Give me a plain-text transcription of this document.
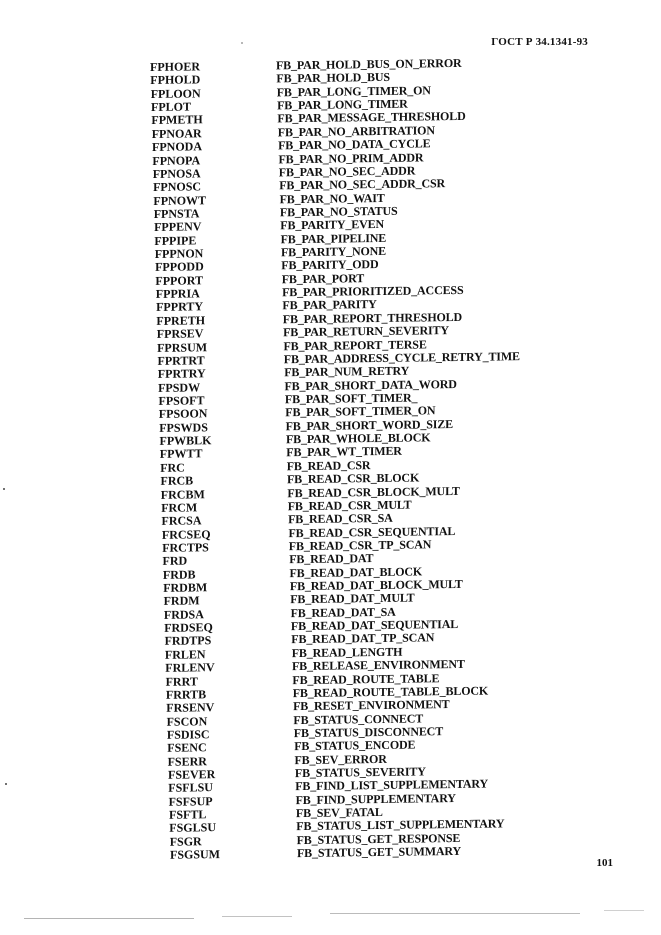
ГОСТ Р 34.1341-93
FPHOER	FB_PAR_HOLD_BUS_ON_ERROR
FPHOLD	FB_PAR_HOLD_BUS
FPLOON	FB_PAR_LONG_TIMER_ON
FPLOT	FB_PAR_LONG_TIMER
FPMETH	FB_PAR_MESSAGE_THRESHOLD
FPNOAR	FB_PAR_NO_ARBITRATION
FPNODA	FB_PAR_NO_DATA_CYCLE
FPNOPA	FB_PAR_NO_PRIM_ADDR
FPNOSA	FB_PAR_NO_SEC_ADDR
FPNOSC	FB_PAR_NO_SEC_ADDR_CSR
FPNOWT	FB_PAR_NO_WAIT
FPNSTA	FB_PAR_NO_STATUS
FPPENV	FB_PARITY_EVEN
FPPIPE	FB_PAR_PIPELINE
FPPNON	FB_PARITY_NONE
FPPODD	FB_PARITY_ODD
FPPORT	FB_PAR_PORT
FPPRIA	FB_PAR_PRIORITIZED_ACCESS
FPPRTY	FB_PAR_PARITY
FPRETH	FB_PAR_REPORT_THRESHOLD
FPRSEV	FB_PAR_RETURN_SEVERITY
FPRSUM	FB_PAR_REPORT_TERSE
FPRTRT	FB_PAR_ADDRESS_CYCLE_RETRY_TIME
FPRTRY	FB_PAR_NUM_RETRY
FPSDW	FB_PAR_SHORT_DATA_WORD
FPSOFT	FB_PAR_SOFT_TIMER_
FPSOON	FB_PAR_SOFT_TIMER_ON
FPSWDS	FB_PAR_SHORT_WORD_SIZE
FPWBLK	FB_PAR_WHOLE_BLOCK
FPWTT	FB_PAR_WT_TIMER
FRC	FB_READ_CSR
FRCB	FB_READ_CSR_BLOCK
FRCBM	FB_READ_CSR_BLOCK_MULT
FRCM	FB_READ_CSR_MULT
FRCSA	FB_READ_CSR_SA
FRCSEQ	FB_READ_CSR_SEQUENTIAL
FRCTPS	FB_READ_CSR_TP_SCAN
FRD	FB_READ_DAT
FRDB	FB_READ_DAT_BLOCK
FRDBM	FB_READ_DAT_BLOCK_MULT
FRDM	FB_READ_DAT_MULT
FRDSA	FB_READ_DAT_SA
FRDSEQ	FB_READ_DAT_SEQUENTIAL
FRDTPS	FB_READ_DAT_TP_SCAN
FRLEN	FB_READ_LENGTH
FRLENV	FB_RELEASE_ENVIRONMENT
FRRT	FB_READ_ROUTE_TABLE
FRRTB	FB_READ_ROUTE_TABLE_BLOCK
FRSENV	FB_RESET_ENVIRONMENT
FSCON	FB_STATUS_CONNECT
FSDISC	FB_STATUS_DISCONNECT
FSENC	FB_STATUS_ENCODE
FSERR	FB_SEV_ERROR
FSEVER	FB_STATUS_SEVERITY
FSFLSU	FB_FIND_LIST_SUPPLEMENTARY
FSFSUP	FB_FIND_SUPPLEMENTARY
FSFTL	FB_SEV_FATAL
FSGLSU	FB_STATUS_LIST_SUPPLEMENTARY
FSGR	FB_STATUS_GET_RESPONSE
FSGSUM	FB_STATUS_GET_SUMMARY
101
